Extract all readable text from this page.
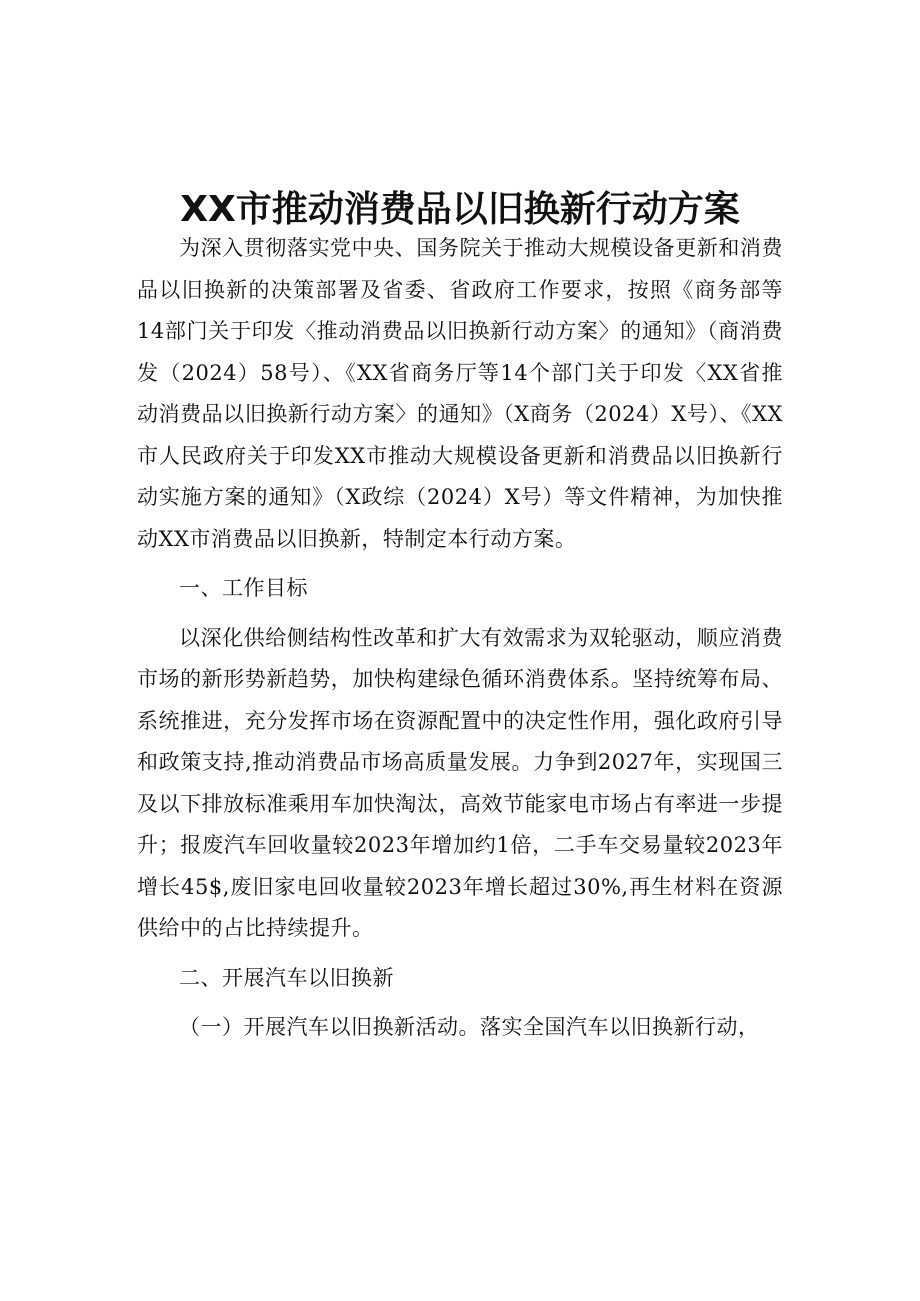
XX市推动消费品以旧换新行动方案

为深入贯彻落实党中央、国务院关于推动大规模设备更新和消费品以旧换新的决策部署及省委、省政府工作要求，按照《商务部等14部门关于印发〈推动消费品以旧换新行动方案〉的通知》（商消费发（2024）58号）、《XX省商务厅等14个部门关于印发〈XX省推动消费品以旧换新行动方案〉的通知》（X商务（2024）X号）、《XX市人民政府关于印发XX市推动大规模设备更新和消费品以旧换新行动实施方案的通知》（X政综（2024）X号）等文件精神，为加快推动XX市消费品以旧换新，特制定本行动方案。

一、工作目标

以深化供给侧结构性改革和扩大有效需求为双轮驱动，顺应消费市场的新形势新趋势，加快构建绿色循环消费体系。坚持统筹布局、系统推进，充分发挥市场在资源配置中的决定性作用，强化政府引导和政策支持,推动消费品市场高质量发展。力争到2027年，实现国三及以下排放标准乘用车加快淘汰，高效节能家电市场占有率进一步提升；报废汽车回收量较2023年增加约1倍，二手车交易量较2023年增长45$,废旧家电回收量较2023年增长超过30%,再生材料在资源供给中的占比持续提升。

二、开展汽车以旧换新

（一）开展汽车以旧换新活动。落实全国汽车以旧换新行动，
